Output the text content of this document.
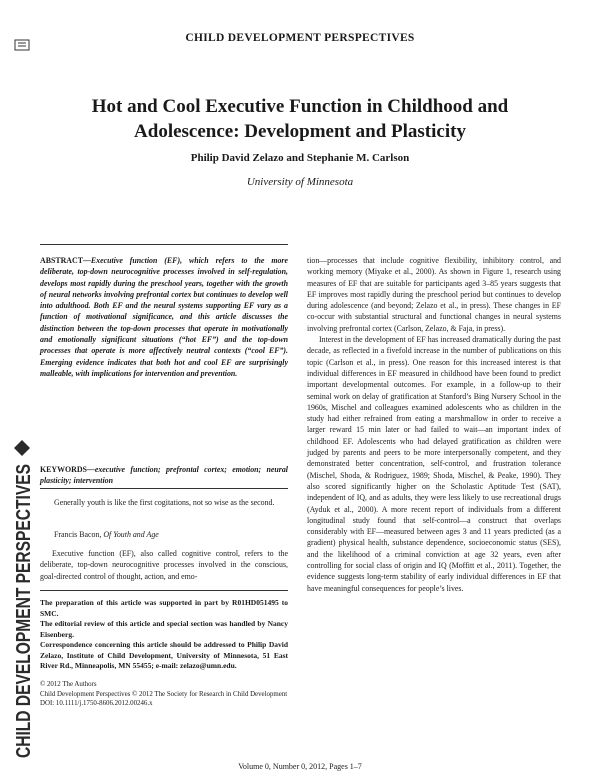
CHILD DEVELOPMENT PERSPECTIVES
Hot and Cool Executive Function in Childhood and
Adolescence: Development and Plasticity
Philip David Zelazo and Stephanie M. Carlson
University of Minnesota
ABSTRACT—Executive function (EF), which refers to the more deliberate, top-down neurocognitive processes involved in self-regulation, develops most rapidly during the preschool years, together with the growth of neural networks involving prefrontal cortex but continues to develop well into adulthood. Both EF and the neural systems supporting EF vary as a function of motivational significance, and this article discusses the distinction between the top-down processes that operate in motivationally and emotionally significant situations (“hot EF”) and the top-down processes that operate is more affectively neutral contexts (“cool EF”). Emerging evidence indicates that both hot and cool EF are surprisingly malleable, with implications for intervention and prevention.
KEYWORDS—executive function; prefrontal cortex; emotion; neural plasticity; intervention
Generally youth is like the first cogitations, not so wise as the second.
Francis Bacon, Of Youth and Age
Executive function (EF), also called cognitive control, refers to the deliberate, top-down neurocognitive processes involved in the conscious, goal-directed control of thought, action, and emo-
The preparation of this article was supported in part by R01HD051495 to SMC.
The editorial review of this article and special section was handled by Nancy Eisenberg.
Correspondence concerning this article should be addressed to Philip David Zelazo, Institute of Child Development, University of Minnesota, 51 East River Rd., Minneapolis, MN 55455; e-mail: zelazo@umn.edu.
© 2012 The Authors
Child Development Perspectives © 2012 The Society for Research in Child Development
DOI: 10.1111/j.1750-8606.2012.00246.x

tion—processes that include cognitive flexibility, inhibitory control, and working memory (Miyake et al., 2000). As shown in Figure 1, research using measures of EF that are suitable for participants aged 3–85 years suggests that EF improves most rapidly during the preschool period but continues to develop during adolescence (and beyond; Zelazo et al., in press). These changes in EF co-occur with substantial structural and functional changes in neural systems involving prefrontal cortex (Carlson, Zelazo, & Faja, in press).

Interest in the development of EF has increased dramatically during the past decade, as reflected in a fivefold increase in the number of publications on this topic (Carlson et al., in press). One reason for this increased interest is that individual differences in EF measured in childhood have been found to predict important developmental outcomes. For example, in a follow-up to their seminal work on delay of gratification at Stanford’s Bing Nursery School in the 1960s, Mischel and colleagues examined adolescents who as children in the study had either refrained from eating a marshmallow in order to receive a larger reward 15 min later or had failed to wait—an important index of childhood EF. Adolescents who had delayed gratification as children were judged by parents and peers to be more interpersonally competent, and they demonstrated better concentration, self-control, and frustration tolerance (Mischel, Shoda, & Rodriguez, 1989; Shoda, Mischel, & Peake, 1990). They also scored significantly higher on the Scholastic Aptitude Test (SAT), independent of IQ, and as adults, they were less likely to use recreational drugs (Ayduk et al., 2000). A more recent report of individuals from a different longitudinal study found that self-control—a construct that overlaps considerably with EF—measured between ages 3 and 11 years predicted (as a gradient) physical health, substance dependence, socioeconomic status (SES), and the likelihood of a criminal conviction at age 32 years, even after controlling for social class of origin and IQ (Moffitt et al., 2011). Together, the evidence suggests long-term stability of early individual differences in EF that have meaningful consequences for people’s lives.

CHILD DEVELOPMENT PERSPECTIVES
Volume 0, Number 0, 2012, Pages 1–7
